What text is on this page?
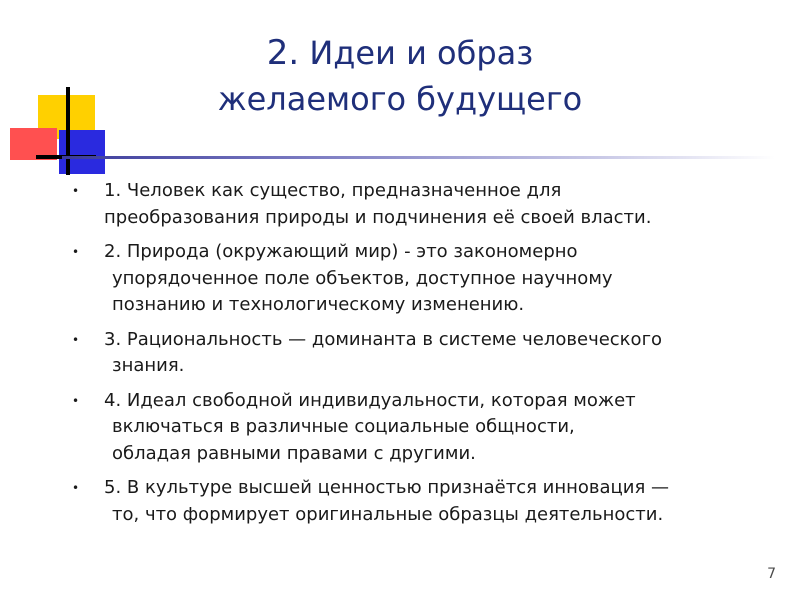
2. Идеи и образ
желаемого будущего
• 1. Человек как существо, предназначенное для
преобразования природы и подчинения её своей власти.
• 2. Природа (окружающий мир) - это закономерно
упорядоченное поле объектов, доступное научному
познанию и технологическому изменению.
• 3. Рациональность — доминанта в системе человеческого
знания.
• 4. Идеал свободной индивидуальности, которая может
включаться в различные социальные общности,
обладая равными правами с другими.
• 5. В культуре высшей ценностью признаётся инновация —
то, что формирует оригинальные образцы деятельности.
7
